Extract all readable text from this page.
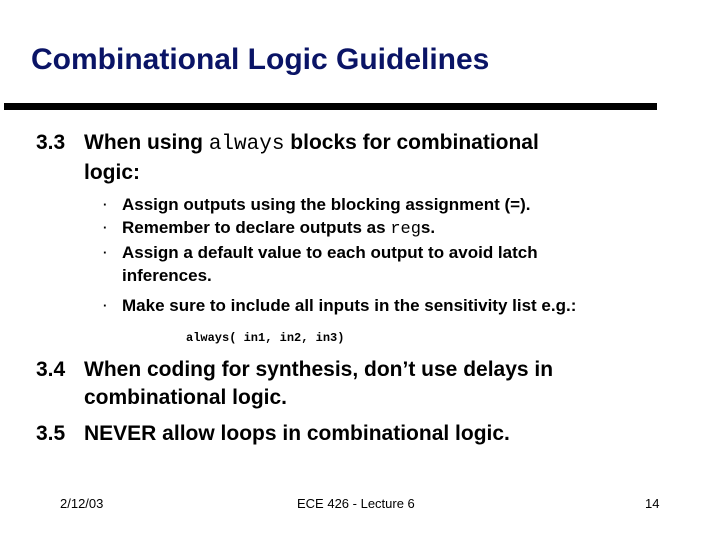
Combinational Logic Guidelines
3.3 When using always blocks for combinational
logic:
· Assign outputs using the blocking assignment (=).
· Remember to declare outputs as regs.
· Assign a default value to each output to avoid latch inferences.
· Make sure to include all inputs in the sensitivity list e.g.:
always( in1, in2, in3)
3.4 When coding for synthesis, don’t use delays in
combinational logic.
3.5 NEVER allow loops in combinational logic.
2/12/03	ECE 426 - Lecture 6	14
